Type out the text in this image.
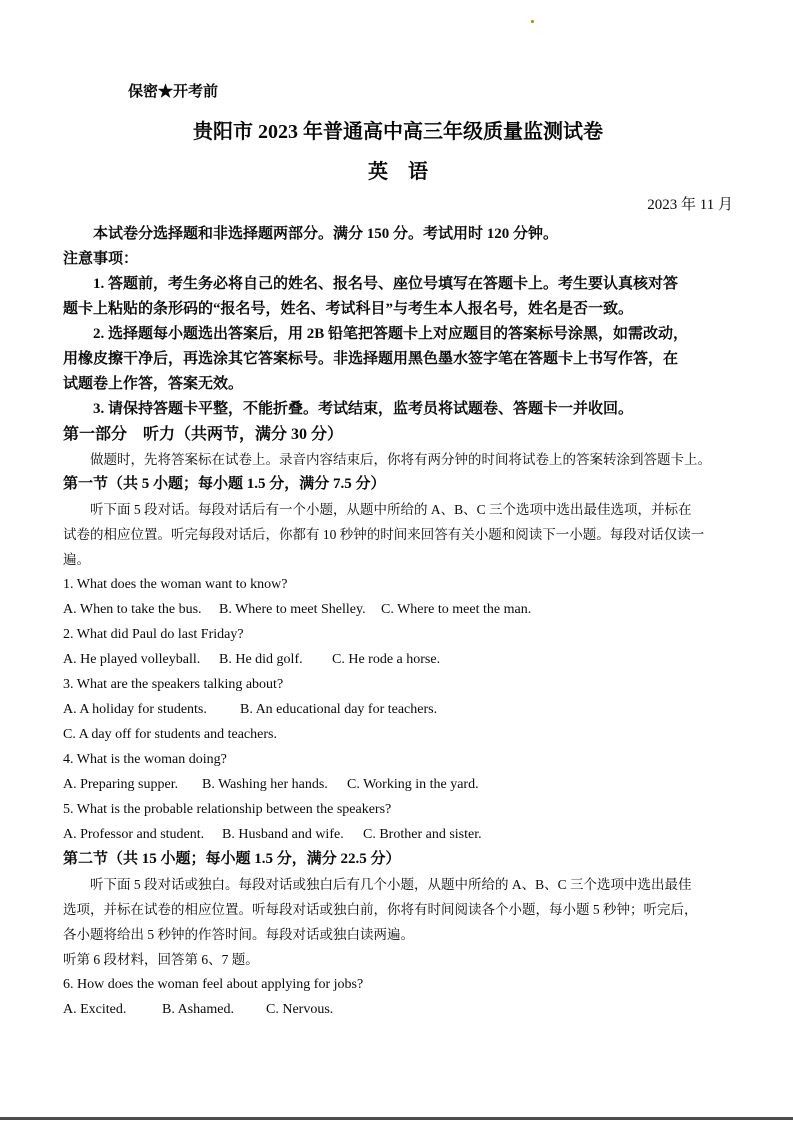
保密★开考前
贵阳市 2023 年普通高中高三年级质量监测试卷
英　语
2023 年 11 月
本试卷分选择题和非选择题两部分。满分 150 分。考试用时 120 分钟。
注意事项：
1. 答题前，考生务必将自己的姓名、报名号、座位号填写在答题卡上。考生要认真核对答
题卡上粘贴的条形码的“报名号，姓名、考试科目”与考生本人报名号，姓名是否一致。
2. 选择题每小题选出答案后，用 2B 铅笔把答题卡上对应题目的答案标号涂黑，如需改动，
用橡皮擦干净后，再选涂其它答案标号。非选择题用黑色墨水签字笔在答题卡上书写作答，在
试题卷上作答，答案无效。
3. 请保持答题卡平整，不能折叠。考试结束，监考员将试题卷、答题卡一并收回。
第一部分　听力（共两节，满分 30 分）
做题时，先将答案标在试卷上。录音内容结束后，你将有两分钟的时间将试卷上的答案转涂到答题卡上。
第一节（共 5 小题；每小题 1.5 分，满分 7.5 分）
听下面 5 段对话。每段对话后有一个小题，从题中所给的 A、B、C 三个选项中选出最佳选项，并标在
试卷的相应位置。听完每段对话后，你都有 10 秒钟的时间来回答有关小题和阅读下一小题。每段对话仅读一
遍。
1. What does the woman want to know?
A. When to take the bus. B. Where to meet Shelley. C. Where to meet the man.
2. What did Paul do last Friday?
A. He played volleyball. B. He did golf. C. He rode a horse.
3. What are the speakers talking about?
A. A holiday for students. B. An educational day for teachers.
C. A day off for students and teachers.
4. What is the woman doing?
A. Preparing supper. B. Washing her hands. C. Working in the yard.
5. What is the probable relationship between the speakers?
A. Professor and student. B. Husband and wife. C. Brother and sister.
第二节（共 15 小题；每小题 1.5 分，满分 22.5 分）
听下面 5 段对话或独白。每段对话或独白后有几个小题，从题中所给的 A、B、C 三个选项中选出最佳
选项，并标在试卷的相应位置。听每段对话或独白前，你将有时间阅读各个小题，每小题 5 秒钟；听完后，
各小题将给出 5 秒钟的作答时间。每段对话或独白读两遍。
听第 6 段材料，回答第 6、7 题。
6. How does the woman feel about applying for jobs?
A. Excited.	B. Ashamed. C. Nervous.
